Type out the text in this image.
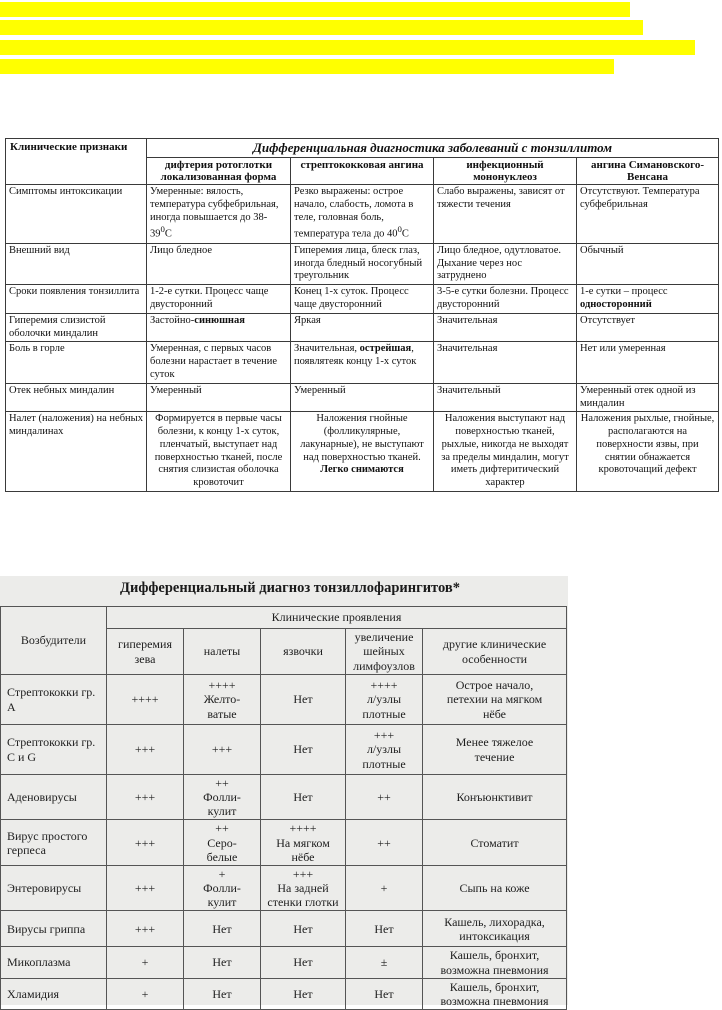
Клинические признаки	Дифференциальная диагностика заболеваний с тонзиллитом			
	дифтерия ротоглотки локализованная форма	стрептококковая ангина	инфекционный мононуклеоз	ангина Симановского-Венсана
Симптомы интоксикации	Умеренные: вялость, температура субфебрильная, иногда повышается до $38-39^0С$	Резко выражены: острое начало, слабость, ломота в теле, головная боль, температура тела до $40^0С$	Слабо выражены, зависят от тяжести течения	Отсутствуют. Температура субфебрильная
Внешний вид	Лицо бледное	Гиперемия лица, блеск глаз, иногда бледный носогубный треугольник	Лицо бледное, одутловатое. Дыхание через нос затруднено	Обычный
Сроки появления тонзиллита	1-2-е сутки. Процесс чаще двусторонний	Конец 1-х суток. Процесс чаще двусторонний	3-5-е сутки болезни. Процесс двусторонний	1-е сутки – процесс односторонний
Гиперемия слизистой оболочки миндалин	Застойно-синюшная	Яркая	Значительная	Отсутствует
Боль в горле	Умеренная, с первых часов болезни нарастает в течение суток	Значительная, острейшая, появлятеяк концу 1-х суток	Значительная	Нет или умеренная
Отек небных миндалин	Умеренный	Умеренный	Значительный	Умеренный отек одной из миндалин
Налет (наложения) на небных миндалинах	Формируется в первые часы болезни, к концу 1-х суток, пленчатый, выступает над поверхностью тканей, после снятия слизистая оболочка кровоточит	Наложения гнойные (фолликулярные, лакунарные), не выступают над поверхностью тканей. Легко снимаются	Наложения выступают над поверхностью тканей, рыхлые, никогда не выходят за пределы миндалин, могут иметь дифтеритический характер	Наложения рыхлые, гнойные, располагаются на поверхности язвы, при снятии обнажается кровоточащий дефект
Дифференциальный диагноз тонзиллофарингитов*
Возбудители	Клинические проявления				
	гиперемия зева	налеты	язвочки	увеличение шейных лимфоузлов	другие клинические особенности
Стрептококки гр. А	++++	++++
Желто-
ватые	Нет	++++
л/узлы
плотные	Острое начало,
петехии на мягком
нёбе

Стрептококки гр. С и G	+++	+++	Нет	+++
л/узлы
плотные	Менее тяжелое
течение

Аденовирусы	+++	++
Фолли-
кулит	Нет	++	Конъюнктивит

Вирус простого герпеса	+++	++
Серо-
белые	++++
На мягком
нёбе	++	Стоматит

Энтеровирусы	+++	+
Фолли-
кулит	+++
На задней
стенки глотки	+	Сыпь на коже

Вирусы гриппа	+++	Нет	Нет	Нет	Кашель, лихорадка,
интоксикация

Микоплазма	+	Нет	Нет	±	Кашель, бронхит,
возможна пневмония

Хламидия	+	Нет	Нет	Нет	Кашель, бронхит,
возможна пневмония
